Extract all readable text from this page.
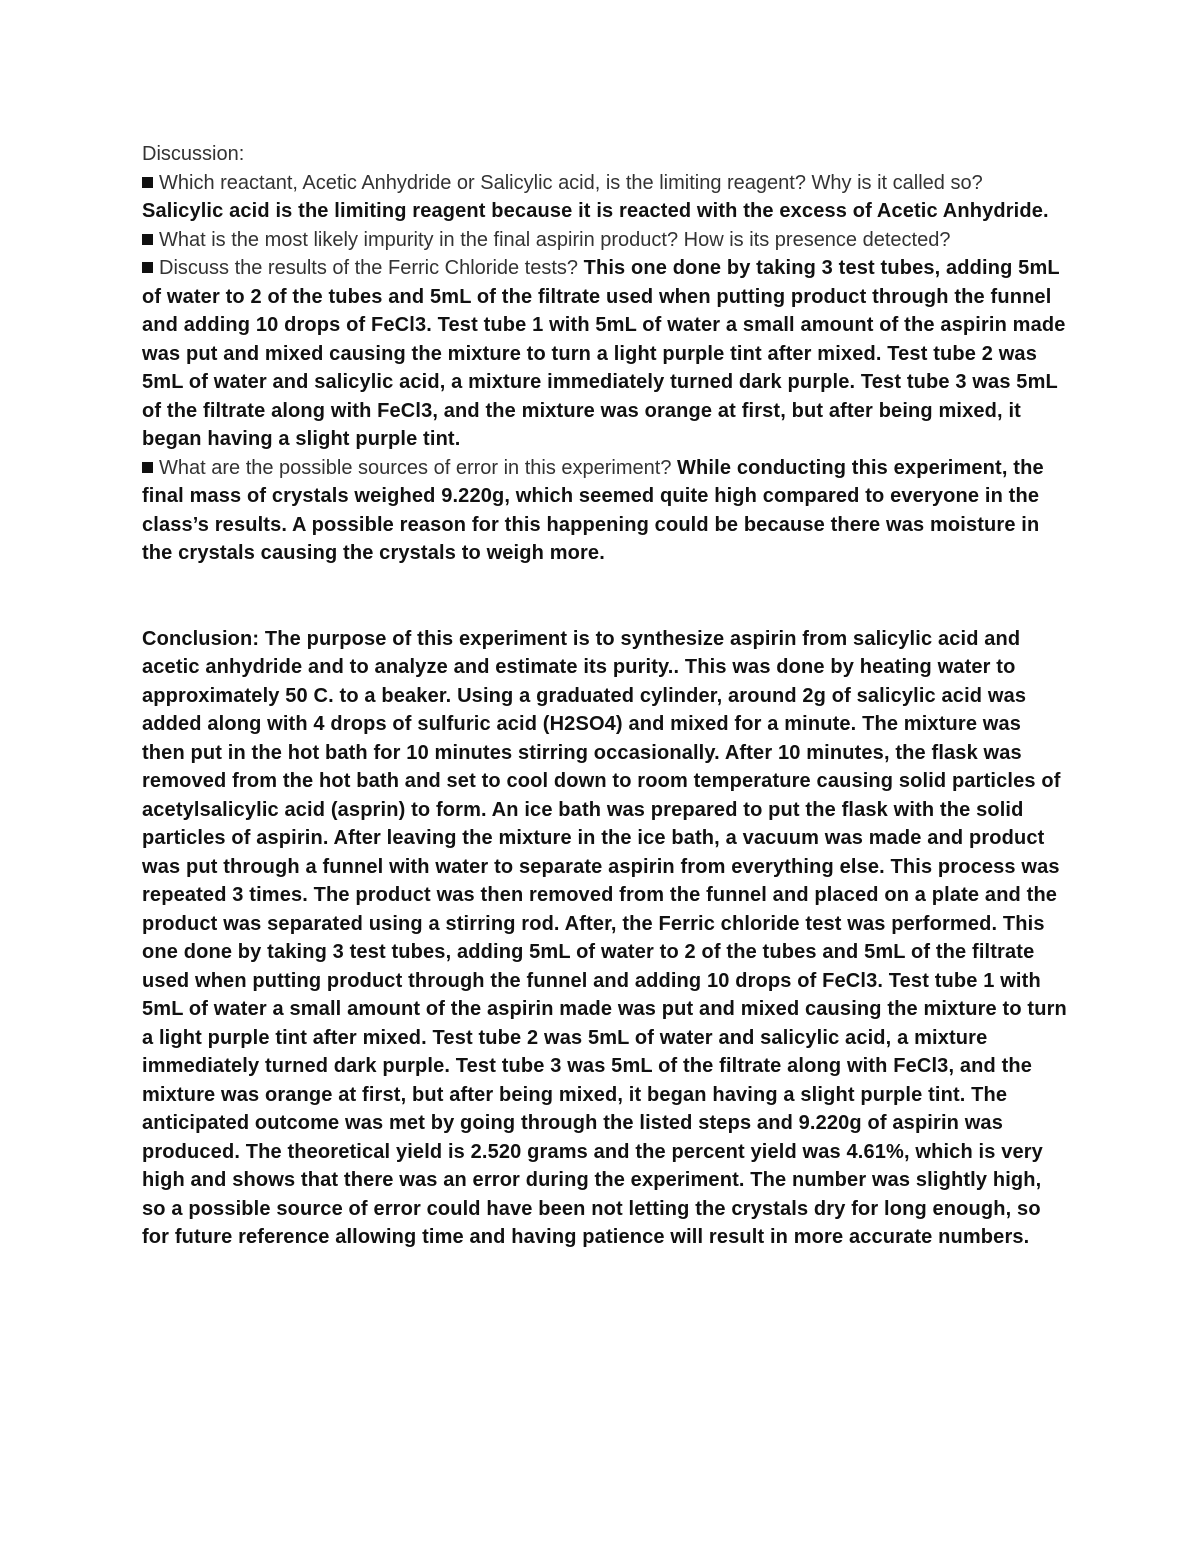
Discussion:

Which reactant, Acetic Anhydride or Salicylic acid, is the limiting reagent? Why is it called so?
Salicylic acid is the limiting reagent because it is reacted with the excess of Acetic Anhydride.

What is the most likely impurity in the final aspirin product? How is its presence detected?

Discuss the results of the Ferric Chloride tests? This one done by taking 3 test tubes, adding 5mL of water to 2 of the tubes and 5mL of the filtrate used when putting product through the funnel and adding 10 drops of FeCl3. Test tube 1 with 5mL of water a small amount of the aspirin made was put and mixed causing the mixture to turn a light purple tint after mixed. Test tube 2 was 5mL of water and salicylic acid, a mixture immediately turned dark purple. Test tube 3 was 5mL of the filtrate along with FeCl3, and the mixture was orange at first, but after being mixed, it began having a slight purple tint.

What are the possible sources of error in this experiment? While conducting this experiment, the final mass of crystals weighed 9.220g, which seemed quite high compared to everyone in the class’s results. A possible reason for this happening could be because there was moisture in the crystals causing the crystals to weigh more.

Conclusion: The purpose of this experiment is to synthesize aspirin from salicylic acid and acetic anhydride and to analyze and estimate its purity.. This was done by heating water to approximately 50 C. to a beaker. Using a graduated cylinder, around 2g of salicylic acid was added along with 4 drops of sulfuric acid (H2SO4) and mixed for a minute. The mixture was then put in the hot bath for 10 minutes stirring occasionally. After 10 minutes, the flask was removed from the hot bath and set to cool down to room temperature causing solid particles of acetylsalicylic acid (asprin) to form. An ice bath was prepared to put the flask with the solid particles of aspirin. After leaving the mixture in the ice bath, a vacuum was made and product was put through a funnel with water to separate aspirin from everything else. This process was repeated 3 times. The product was then removed from the funnel and placed on a plate and the product was separated using a stirring rod. After, the Ferric chloride test was performed. This one done by taking 3 test tubes, adding 5mL of water to 2 of the tubes and 5mL of the filtrate used when putting product through the funnel and adding 10 drops of FeCl3. Test tube 1 with 5mL of water a small amount of the aspirin made was put and mixed causing the mixture to turn a light purple tint after mixed. Test tube 2 was 5mL of water and salicylic acid, a mixture immediately turned dark purple. Test tube 3 was 5mL of the filtrate along with FeCl3, and the mixture was orange at first, but after being mixed, it began having a slight purple tint. The anticipated outcome was met by going through the listed steps and 9.220g of aspirin was produced. The theoretical yield is 2.520 grams and the percent yield was 4.61%, which is very high and shows that there was an error during the experiment. The number was slightly high, so a possible source of error could have been not letting the crystals dry for long enough, so for future reference allowing time and having patience will result in more accurate numbers.
